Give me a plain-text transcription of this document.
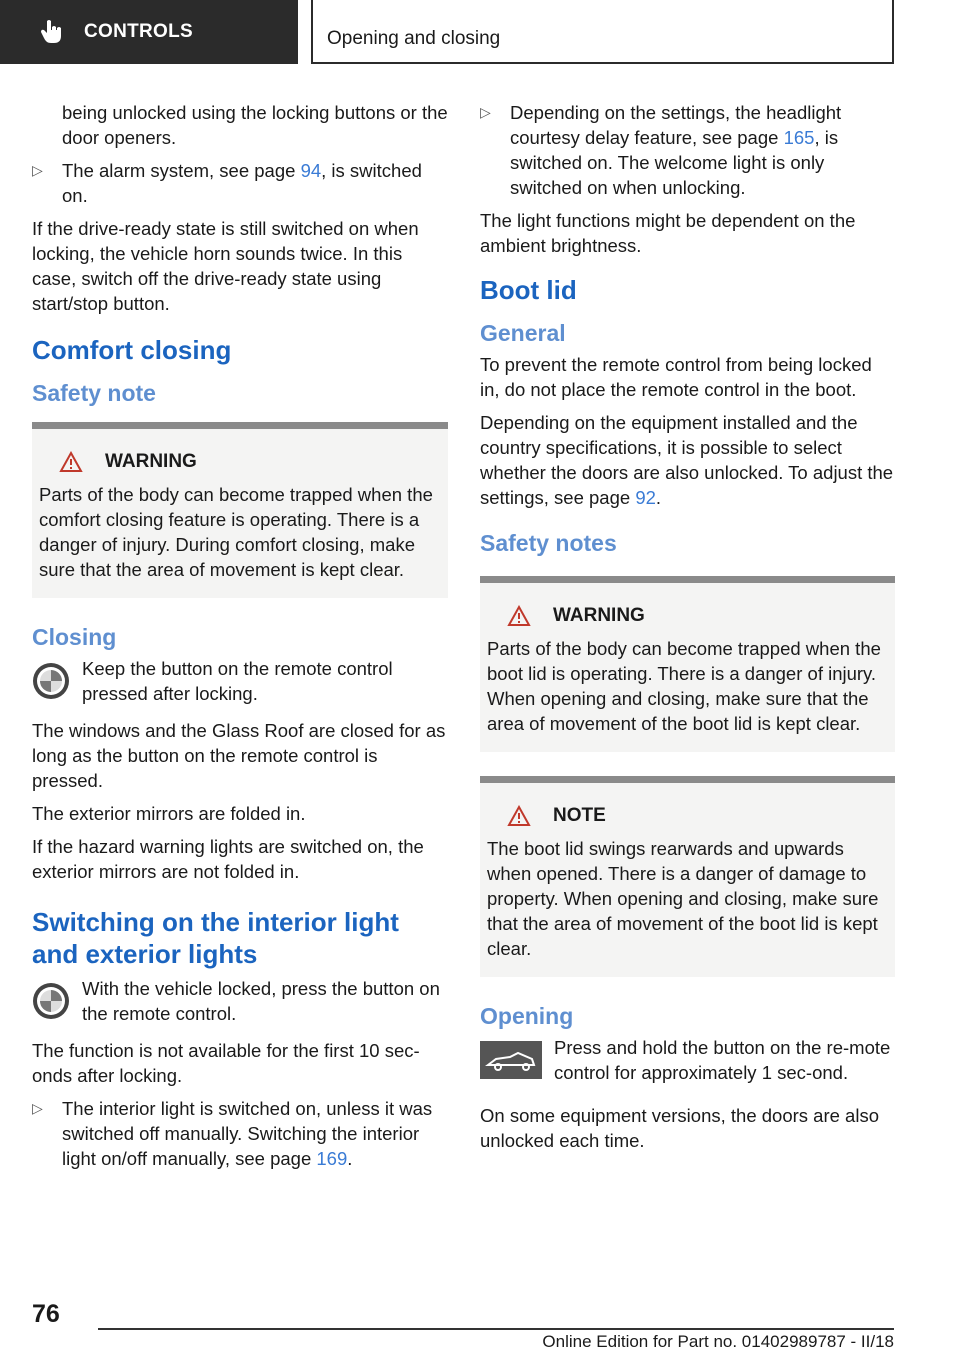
CONTROLS	Opening and closing
being unlocked using the locking buttons or the door openers.
▷ The alarm system, see page 94, is switched on.

If the drive-ready state is still switched on when locking, the vehicle horn sounds twice. In this case, switch off the drive-ready state using start/stop button.

Comfort closing
Safety note
WARNING

Parts of the body can become trapped when the comfort closing feature is operating. There is a danger of injury. During comfort closing, make sure that the area of movement is kept clear.

Closing
Keep the button on the remote control pressed after locking.

The windows and the Glass Roof are closed for as long as the button on the remote control is pressed.

The exterior mirrors are folded in.

If the hazard warning lights are switched on, the exterior mirrors are not folded in.

Switching on the interior light and exterior lights
With the vehicle locked, press the button on the remote control.

The function is not available for the first 10 sec‐onds after locking.

▷ The interior light is switched on, unless it was switched off manually. Switching the interior light on/off manually, see page 169.
▷ Depending on the settings, the headlight courtesy delay feature, see page 165, is switched on. The welcome light is only switched on when unlocking.

The light functions might be dependent on the ambient brightness.

Boot lid
General

To prevent the remote control from being locked in, do not place the remote control in the boot.

Depending on the equipment installed and the country specifications, it is possible to select whether the doors are also unlocked. To adjust the settings, see page 92.

Safety notes
WARNING

Parts of the body can become trapped when the boot lid is operating. There is a danger of injury. When opening and closing, make sure that the area of movement of the boot lid is kept clear.

NOTE

The boot lid swings rearwards and upwards when opened. There is a danger of damage to property. When opening and closing, make sure that the area of movement of the boot lid is kept clear.

Opening
Press and hold the button on the re‐mote control for approximately 1 sec‐ond.

On some equipment versions, the doors are also unlocked each time.

76
Online Edition for Part no. 01402989787 - II/18
